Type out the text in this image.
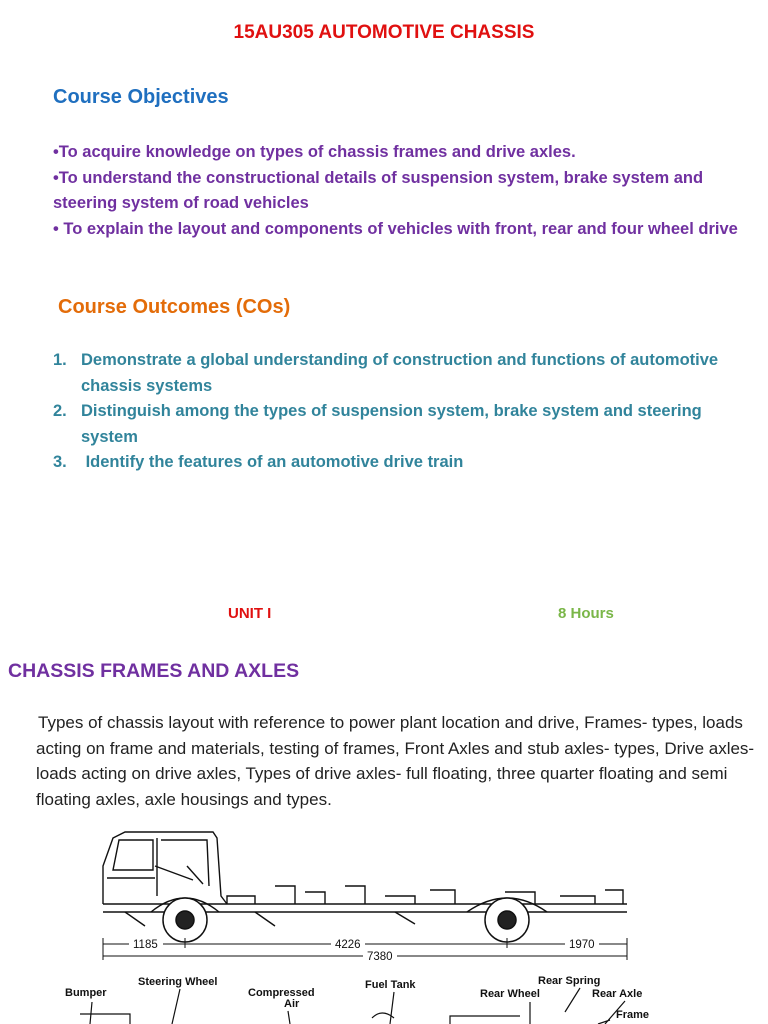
15AU305 AUTOMOTIVE CHASSIS
Course Objectives
•To acquire knowledge on types of chassis frames and drive axles.
•To understand the constructional details of suspension system, brake system and steering system of road vehicles
• To explain the layout and components of vehicles with front, rear and four wheel drive
Course Outcomes (COs)
1. Demonstrate a global understanding of construction and functions of automotive chassis systems
2. Distinguish among the types of suspension system, brake system and steering system
3. Identify the features of an automotive drive train
UNIT I	8 Hours
CHASSIS FRAMES AND AXLES

Types of chassis layout with reference to power plant location and drive, Frames- types, loads acting on frame and materials, testing of frames, Front Axles and stub axles- types, Drive axles- loads acting on drive axles, Types of drive axles- full floating, three quarter floating and semi floating axles, axle housings and types.

1185	4226	1970
7380
Bumper
Steering Wheel
Compressed
Air
Fuel Tank	Rear Spring
Rear Wheel	Rear Axle
Frame
